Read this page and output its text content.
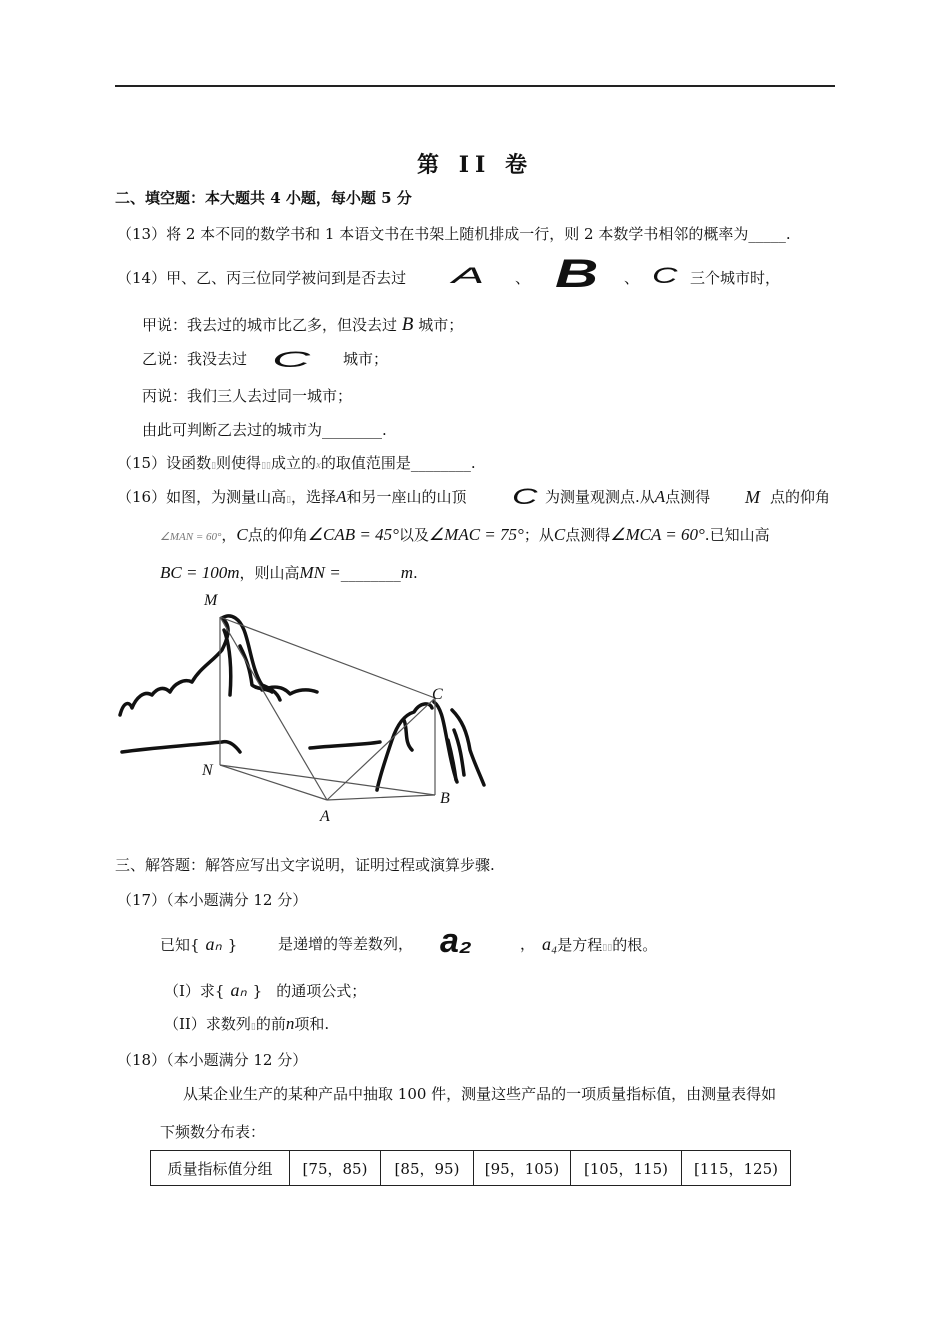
第 II 卷
二、填空题：本大题共 4 小题，每小题 5 分
（13）将 2 本不同的数学书和 1 本语文书在书架上随机排成一行，则 2 本数学书相邻的概率为_____.
（14）甲、乙、丙三位同学被问到是否去过 A 、 B 、 C 三个城市时，
甲说：我去过的城市比乙多，但没去过 B 城市；
乙说：我没去过 C 城市；
丙说：我们三人去过同一城市；
由此可判断乙去过的城市为________.
（15）设函数▯则使得▯▯成立的x的取值范围是________.
（16）如图，为测量山高▯，选择A和另一座山的山顶 C 为测量观测点.从A点测得 M 点的仰角
∠MAN = 60°，C点的仰角∠CAB = 45°以及∠MAC = 75°；从C点测得∠MCA = 60°.已知山高
BC = 100m，则山高MN =________m.
M
C
N
B
A
三、解答题：解答应写出文字说明，证明过程或演算步骤.
（17）（本小题满分 12 分）
已知{ aₙ }	是递增的等差数列， a₂	， a₄是方程▯▯的根。
（I）求{ aₙ } 的通项公式；
（II）求数列▯的前n项和.
（18）（本小题满分 12 分）
从某企业生产的某种产品中抽取 100 件，测量这些产品的一项质量指标值，由测量表得如
下频数分布表：
质量指标值分组	[75，85)	[85，95)	[95，105)	[105，115)	[115，125)
